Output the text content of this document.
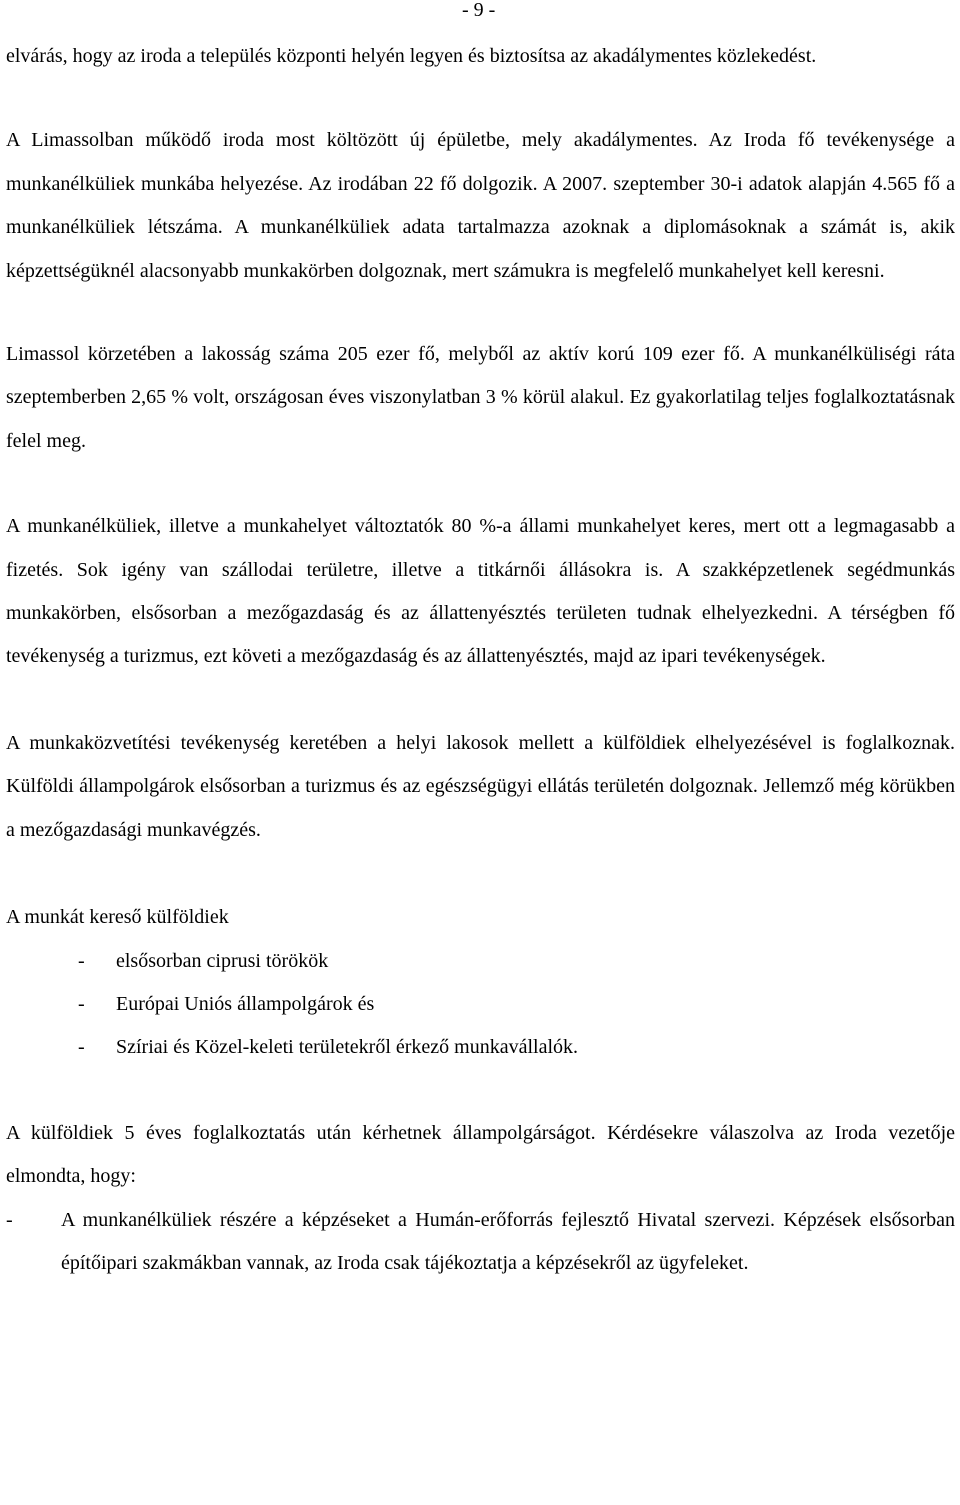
- 9 -

elvárás, hogy az iroda a település központi helyén legyen és biztosítsa az akadálymentes közlekedést.

A Limassolban működő iroda most költözött új épületbe, mely akadálymentes. Az Iroda fő tevékenysége a munkanélküliek munkába helyezése. Az irodában 22 fő dolgozik. A 2007. szeptember 30-i adatok alapján 4.565 fő a munkanélküliek létszáma. A munkanélküliek adata tartalmazza azoknak a diplomásoknak a számát is, akik képzettségüknél alacsonyabb munkakörben dolgoznak, mert számukra is megfelelő munkahelyet kell keresni.

Limassol körzetében a lakosság száma 205 ezer fő, melyből az aktív korú 109 ezer fő. A munkanélküliségi ráta szeptemberben 2,65 % volt, országosan éves viszonylatban 3 % körül alakul. Ez gyakorlatilag teljes foglalkoztatásnak felel meg.

A munkanélküliek, illetve a munkahelyet változtatók 80 %-a állami munkahelyet keres, mert ott a legmagasabb a fizetés. Sok igény van szállodai területre, illetve a titkárnői állásokra is. A szakképzetlenek segédmunkás munkakörben, elsősorban a mezőgazdaság és az állattenyésztés területen tudnak elhelyezkedni. A térségben fő tevékenység a turizmus, ezt követi a mezőgazdaság és az állattenyésztés, majd az ipari tevékenységek.

A munkaközvetítési tevékenység keretében a helyi lakosok mellett a külföldiek elhelyezésével is foglalkoznak. Külföldi állampolgárok elsősorban a turizmus és az egészségügyi ellátás területén dolgoznak. Jellemző még körükben a mezőgazdasági munkavégzés.

A munkát kereső külföldiek

- elsősorban ciprusi törökök
- Európai Uniós állampolgárok és
- Szíriai és Közel-keleti területekről érkező munkavállalók.

A külföldiek 5 éves foglalkoztatás után kérhetnek állampolgárságot. Kérdésekre válaszolva az Iroda vezetője elmondta, hogy:

- A munkanélküliek részére a képzéseket a Humán-erőforrás fejlesztő Hivatal szervezi. Képzések elsősorban építőipari szakmákban vannak, az Iroda csak tájékoztatja a képzésekről az ügyfeleket.
